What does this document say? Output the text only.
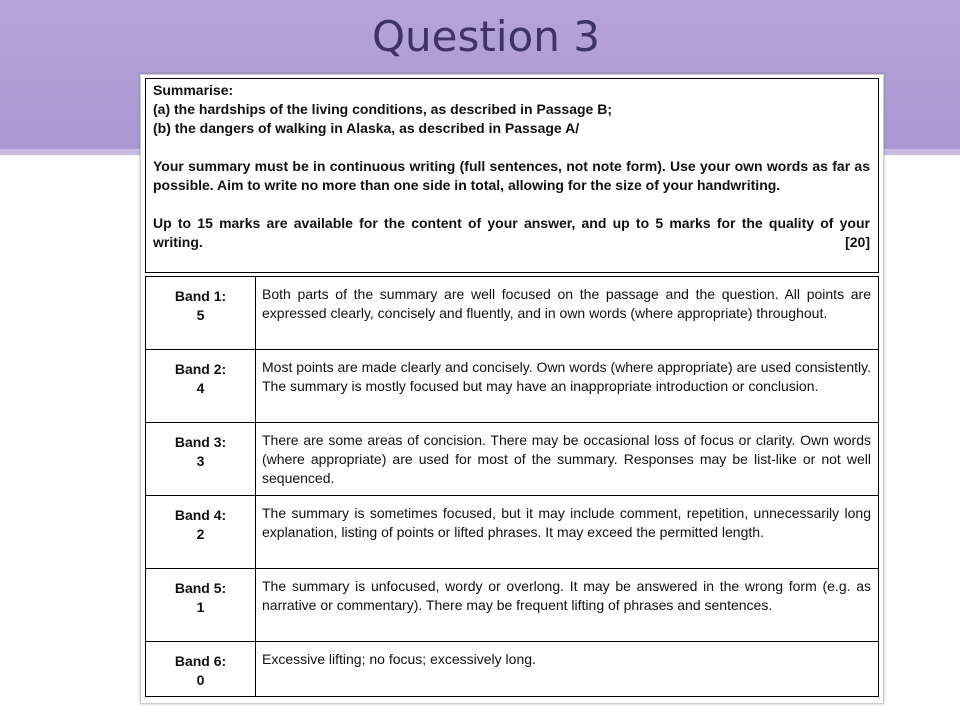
Question 3

Summarise:

(a) the hardships of the living conditions, as described in Passage B;

(b) the dangers of walking in Alaska, as described in Passage A/

Your summary must be in continuous writing (full sentences, not note form). Use your own words as far as possible. Aim to write no more than one side in total, allowing for the size of your handwriting.

Up to 15 marks are available for the content of your answer, and up to 5 marks for the quality of your writing.	[20]
Band 1:
5	Both parts of the summary are well focused on the passage and the question. All points are expressed clearly, concisely and fluently, and in own words (where appropriate) throughout.

Band 2:
4	Most points are made clearly and concisely. Own words (where appropriate) are used consistently. The summary is mostly focused but may have an inappropriate introduction or conclusion.

Band 3:
3	There are some areas of concision. There may be occasional loss of focus or clarity. Own words (where appropriate) are used for most of the summary. Responses may be list-like or not well sequenced.

Band 4:
2	The summary is sometimes focused, but it may include comment, repetition, unnecessarily long explanation, listing of points or lifted phrases. It may exceed the permitted length.

Band 5:
1	The summary is unfocused, wordy or overlong. It may be answered in the wrong form (e.g. as narrative or commentary). There may be frequent lifting of phrases and sentences.

Band 6:
0	Excessive lifting; no focus; excessively long.
